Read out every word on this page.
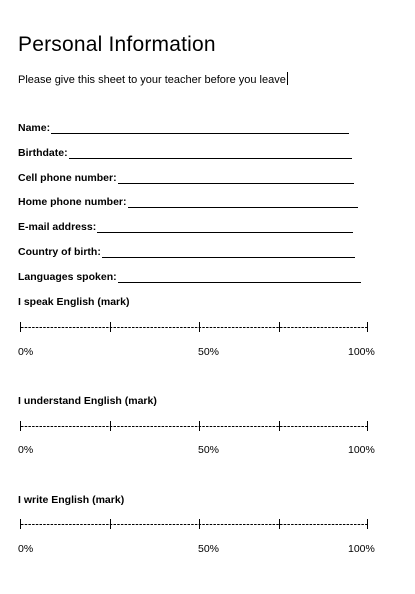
Personal Information
Please give this sheet to your teacher before you leave
Name:
Birthdate:
Cell phone number:
Home phone number:
E-mail address:
Country of birth:
Languages spoken:
I speak English (mark)
0%	50%	100%
I understand English (mark)
0%	50%	100%
I write English (mark)
0%	50%	100%
